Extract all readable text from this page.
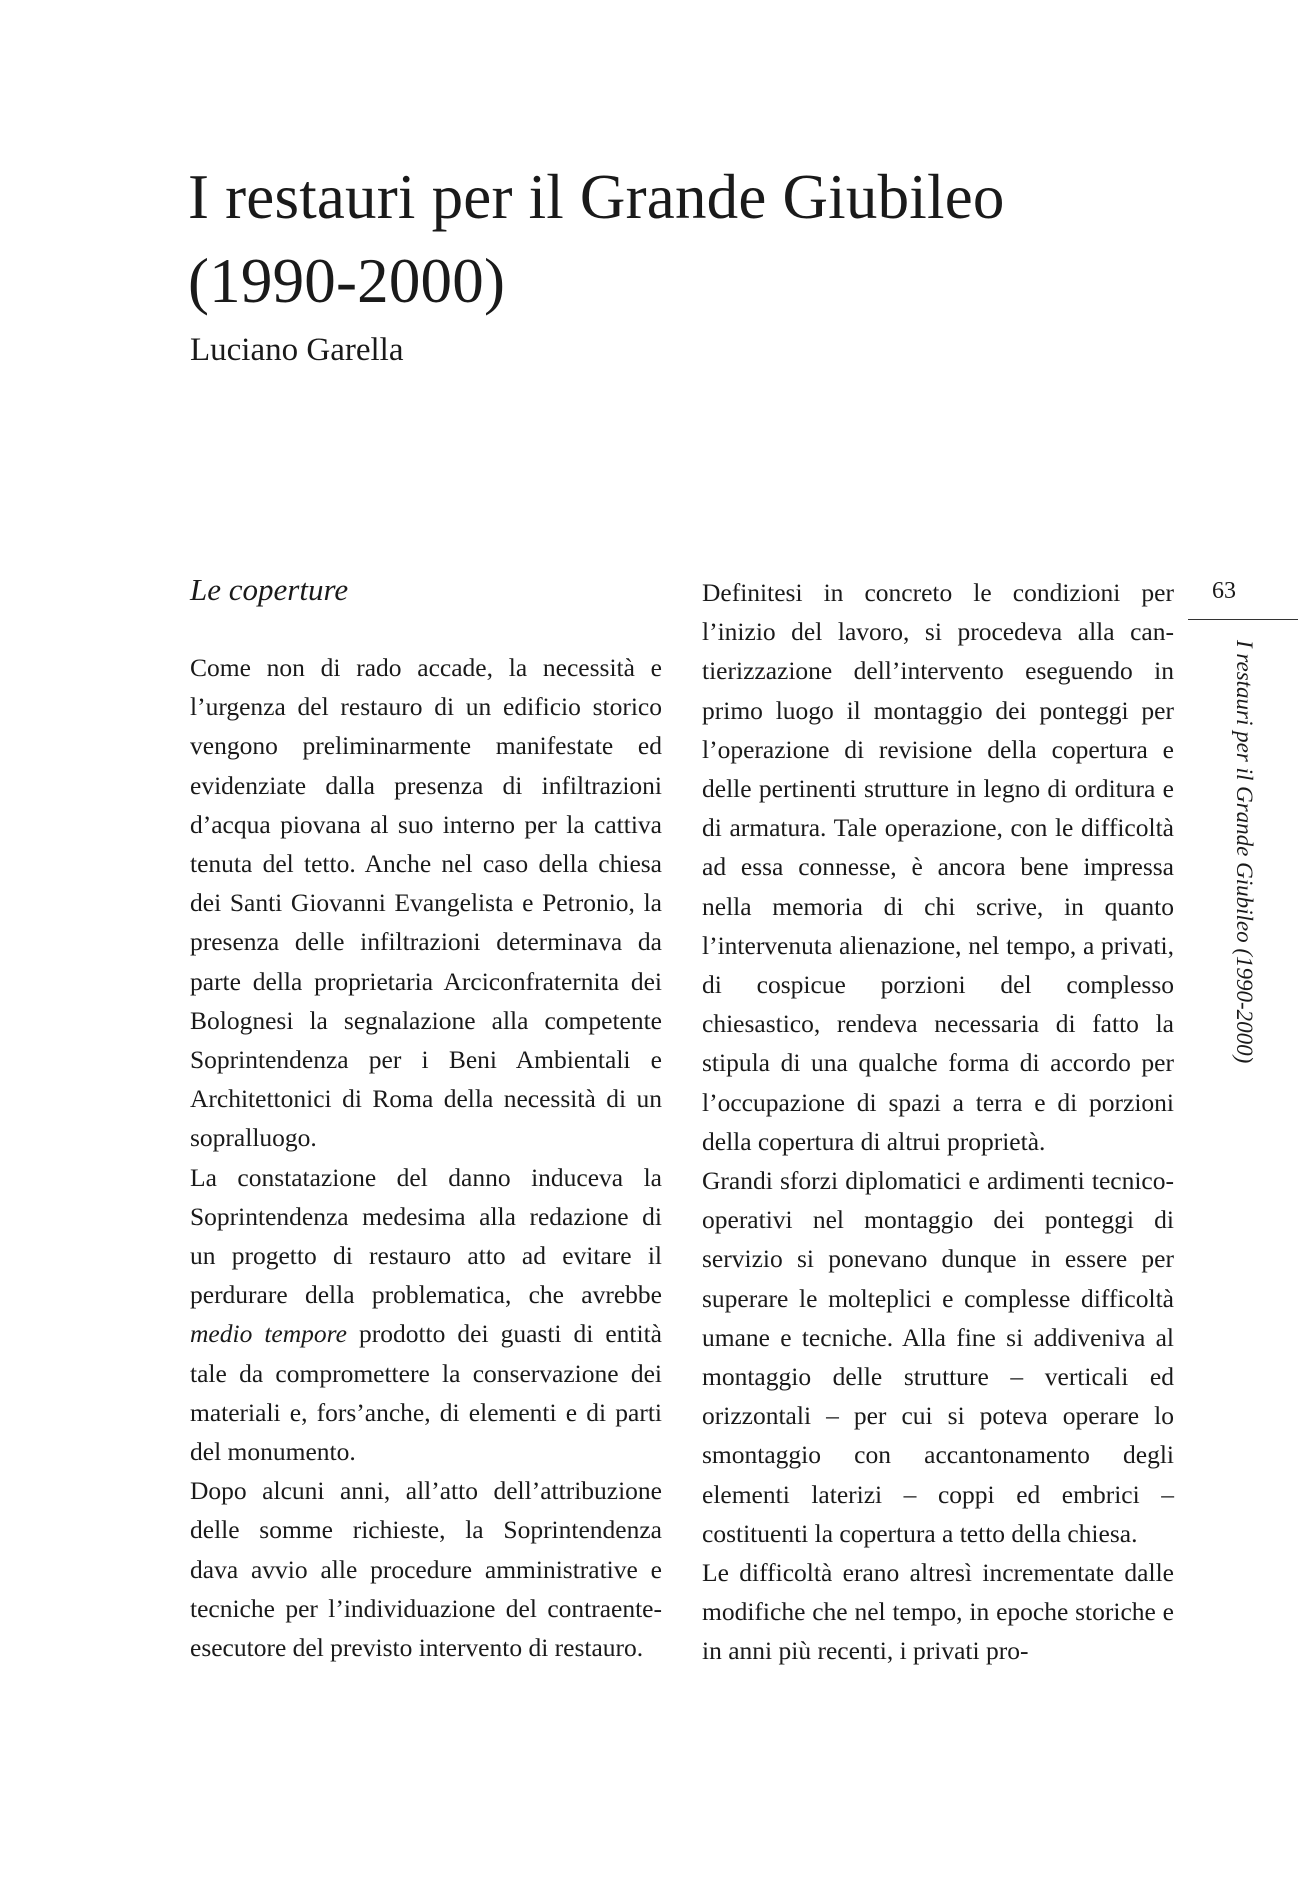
I restauri per il Grande Giubileo
(1990-2000)
Luciano Garella
Le coperture

Come non di rado accade, la necessità e l’urgenza del restauro di un edificio storico vengono preliminarmente manifestate ed evidenziate dalla presenza di infiltrazioni d’acqua piovana al suo interno per la cattiva tenuta del tetto. Anche nel caso della chiesa dei Santi Giovanni Evangelista e Petronio, la presenza delle infiltrazioni determinava da parte della proprietaria Arciconfraternita dei Bolognesi la segnalazione alla competente Soprintendenza per i Beni Ambientali e Architettonici di Roma della necessità di un sopralluogo.

La constatazione del danno induceva la Soprintendenza medesima alla redazione di un progetto di restauro atto ad evitare il perdurare della problematica, che avrebbe medio tempore prodotto dei guasti di entità tale da compromettere la conservazione dei materiali e, fors’anche, di elementi e di parti del monumento.

Dopo alcuni anni, all’atto dell’attribuzione delle somme richieste, la Soprintendenza dava avvio alle procedure amministrative e tecniche per l’individuazione del contraente-esecutore del previsto intervento di restauro.

Definitesi in concreto le condizioni per l’inizio del lavoro, si procedeva alla cantierizzazione dell’intervento eseguendo in primo luogo il montaggio dei ponteggi per l’operazione di revisione della copertura e delle pertinenti strutture in legno di orditura e di armatura. Tale operazione, con le difficoltà ad essa connesse, è ancora bene impressa nella memoria di chi scrive, in quanto l’intervenuta alienazione, nel tempo, a privati, di cospicue porzioni del complesso chiesastico, rendeva necessaria di fatto la stipula di una qualche forma di accordo per l’occupazione di spazi a terra e di porzioni della copertura di altrui proprietà.

Grandi sforzi diplomatici e ardimenti tecnico-operativi nel montaggio dei ponteggi di servizio si ponevano dunque in essere per superare le molteplici e complesse difficoltà umane e tecniche. Alla fine si addiveniva al montaggio delle strutture – verticali ed orizzontali – per cui si poteva operare lo smontaggio con accantonamento degli elementi laterizi – coppi ed embrici – costituenti la copertura a tetto della chiesa.

Le difficoltà erano altresì incrementate dalle modifiche che nel tempo, in epoche storiche e in anni più recenti, i privati pro-

63
I restauri per il Grande Giubileo (1990-2000)
